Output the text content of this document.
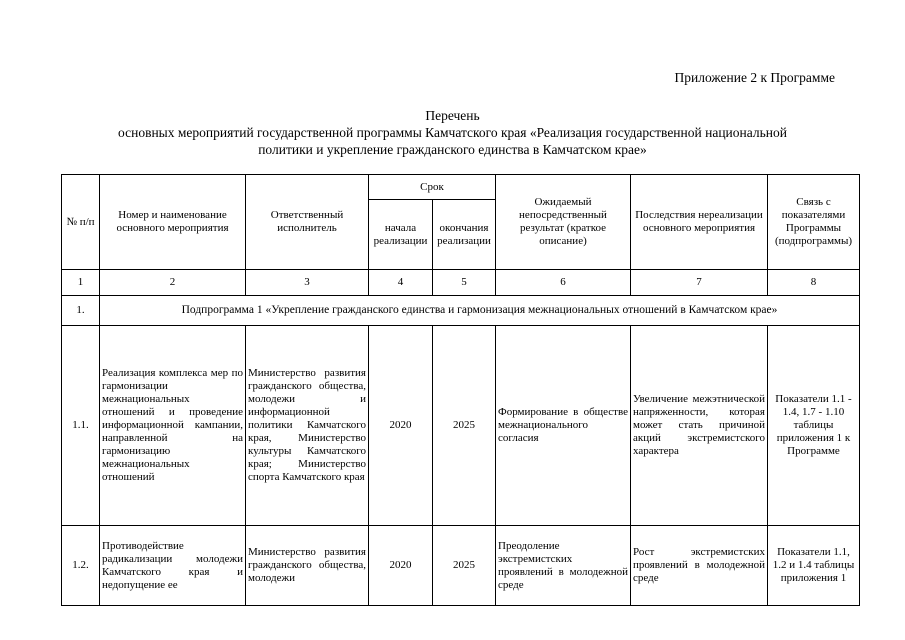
Приложение 2 к Программе
Перечень
основных мероприятий государственной программы Камчатского края «Реализация государственной национальной
политики и укрепление гражданского единства в Камчатском крае»
№ п/п	Номер и наименование основного мероприятия	Ответственный исполнитель	Срок		Ожидаемый непосредственный результат (краткое описание)	Последствия нереализации основного мероприятия	Связь с показателями Программы (подпрограммы)
			начала реализации	окончания реализации			
1	2	3	4	5	6	7	8
1.	Подпрограмма 1 «Укрепление гражданского единства и гармонизация межнациональных отношений в Камчатском крае»						
1.1.	Реализация комплекса мер по гармонизации межнациональных отношений и проведение информационной кампании, направленной на гармонизацию межнациональных отношений	Министерство развития гражданского общества, молодежи и информационной политики Камчатского края, Министерство культуры Камчатского края; Министерство спорта Камчатского края	2020	2025	Формирование в обществе межнационального согласия	Увеличение межэтнической напряженности, которая может стать причиной акций экстремистского характера	Показатели 1.1 - 1.4, 1.7 - 1.10 таблицы приложения 1 к Программе
1.2.	Противодействие радикализации молодежи Камчатского края и недопущение ее	Министерство развития гражданского общества, молодежи	2020	2025	Преодоление экстремистских проявлений в молодежной среде	Рост экстремистских проявлений в молодежной среде	Показатели 1.1, 1.2 и 1.4 таблицы приложения 1
